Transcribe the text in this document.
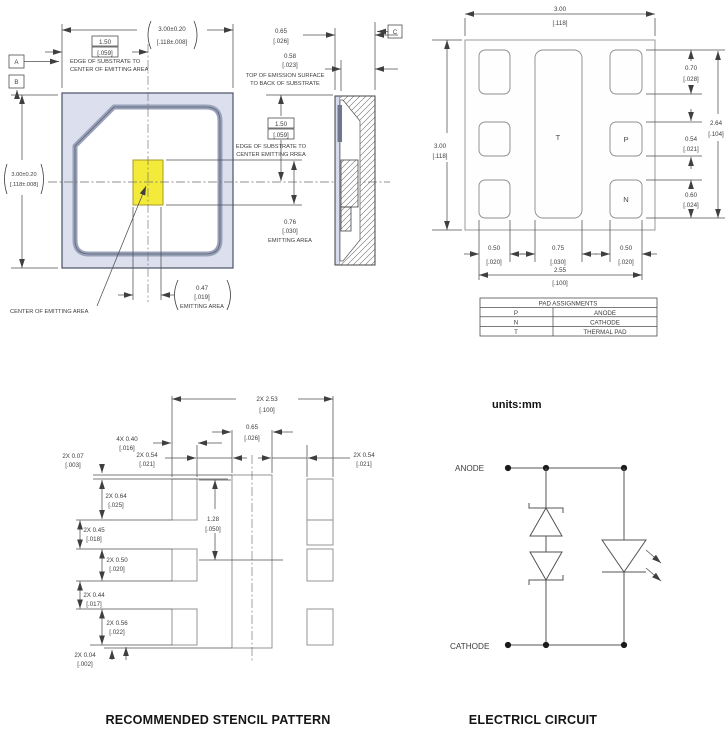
3.00±0.20
[.118±.008]
1.50
[.059]
EDGE OF SUBSTRATE TO
CENTER OF EMITTING AREA
A
B
3.00±0.20
[.118±.008]
0.47
[.019]
EMITTING AREA
CENTER OF EMITTING AREA
C
0.65
[.026]
0.58
[.023]
TOP OF EMISSION SURFACE
TO BACK OF SUBSTRATE
1.50
[.059]
EDGE OF SUBSTRATE TO
CENTER EMITTING RREA
0.76
[.030]
EMITTING AREA
T	P
N
3.00
[.118]
3.00
[.118]
0.70
[.028]
0.54
[.021]
0.60
[.024]
2.64
[.104]
0.50
[.020]
0.75
[.030]
0.50
[.020]
2.55
[.100]
PAD ASSIGNMENTS
P	ANODE
N	CATHODE
T	THERMAL PAD
2X 2.53
[.100]
0.65
[.026]
4X 0.40
[.016]
2X 0.54
[.021]
2X 0.54
[.021]
2X 0.07
[.003]
2X 0.64
[.025]
2X 0.45
[.018]
2X 0.50
[.020]
2X 0.44
[.017]
2X 0.56
[.022]
2X 0.04
[.002]
1.28
[.050]
units:mm
ANODE
CATHODE
RECOMMENDED STENCIL PATTERN	ELECTRICL CIRCUIT
